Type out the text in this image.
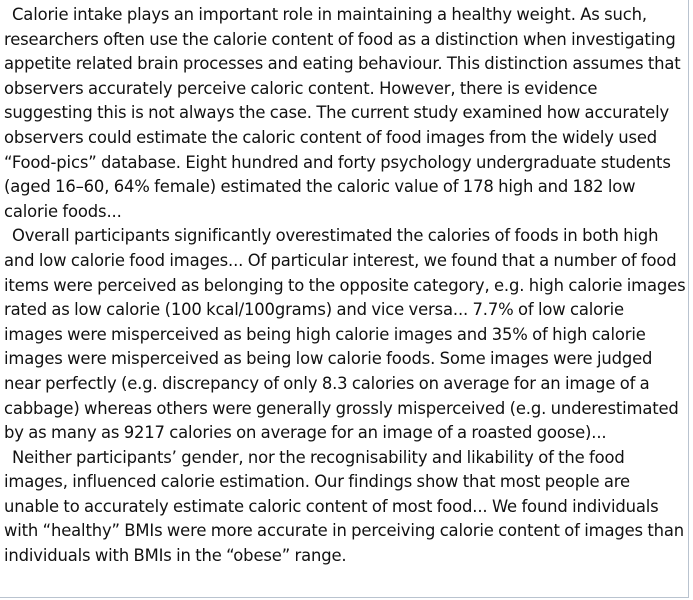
Calorie intake plays an important role in maintaining a healthy weight. As such, researchers often use the calorie content of food as a distinction when investigating appetite related brain processes and eating behaviour. This distinction assumes that observers accurately perceive caloric content. However, there is evidence suggesting this is not always the case. The current study examined how accurately observers could estimate the caloric content of food images from the widely used “Food-pics” database. Eight hundred and forty psychology undergraduate students (aged 16–60, 64% female) estimated the caloric value of 178 high and 182 low calorie foods...

Overall participants significantly overestimated the calories of foods in both high and low calorie food images... Of particular interest, we found that a number of food items were perceived as belonging to the opposite category, e.g. high calorie images rated as low calorie (100 kcal/100grams) and vice versa... 7.7% of low calorie images were misperceived as being high calorie images and 35% of high calorie images were misperceived as being low calorie foods. Some images were judged near perfectly (e.g. discrepancy of only 8.3 calories on average for an image of a cabbage) whereas others were generally grossly misperceived (e.g. underestimated by as many as 9217 calories on average for an image of a roasted goose)...

Neither participants’ gender, nor the recognisability and likability of the food images, influenced calorie estimation. Our findings show that most people are unable to accurately estimate caloric content of most food... We found individuals with “healthy” BMIs were more accurate in perceiving calorie content of images than individuals with BMIs in the “obese” range.
